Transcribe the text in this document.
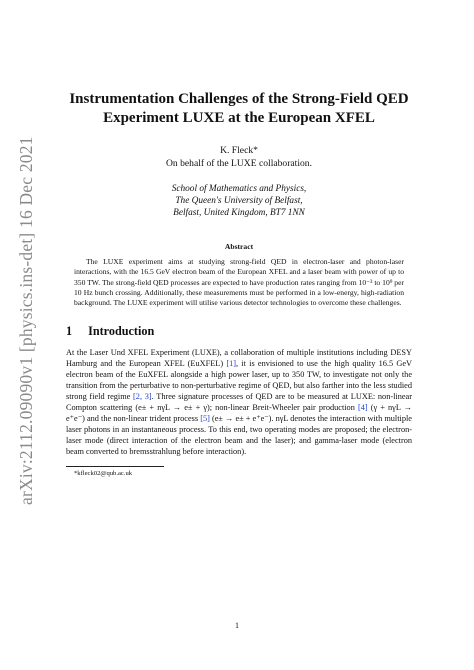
arXiv:2112.09090v1 [physics.ins-det] 16 Dec 2021
Instrumentation Challenges of the Strong-Field QED
Experiment LUXE at the European XFEL
K. Fleck*
On behalf of the LUXE collaboration.
School of Mathematics and Physics,
The Queen's University of Belfast,
Belfast, United Kingdom, BT7 1NN
Abstract

The LUXE experiment aims at studying strong-field QED in electron-laser and photon-laser interactions, with the 16.5 GeV electron beam of the European XFEL and a laser beam with power of up to 350 TW. The strong-field QED processes are expected to have production rates ranging from 10⁻³ to 10⁹ per 10 Hz bunch crossing. Additionally, these measurements must be performed in a low-energy, high-radiation background. The LUXE experiment will utilise various detector technologies to overcome these challenges.

1 Introduction

At the Laser Und XFEL Experiment (LUXE), a collaboration of multiple institutions including DESY Hamburg and the European XFEL (EuXFEL) [1], it is envisioned to use the high quality 16.5 GeV electron beam of the EuXFEL alongside a high power laser, up to 350 TW, to investigate not only the transition from the perturbative to non-perturbative regime of QED, but also farther into the less studied strong field regime [2, 3]. Three signature processes of QED are to be measured at LUXE: non-linear Compton scattering (e± + nγL → e± + γ); non-linear Breit-Wheeler pair production [4] (γ + nγL → e⁺e⁻) and the non-linear trident process [5] (e± → e± + e⁺e⁻). nγL denotes the interaction with multiple laser photons in an instantaneous process. To this end, two operating modes are proposed; the electron-laser mode (direct interaction of the electron beam and the laser); and gamma-laser mode (electron beam converted to bremsstrahlung before interaction).

*kfleck02@qub.ac.uk
1
